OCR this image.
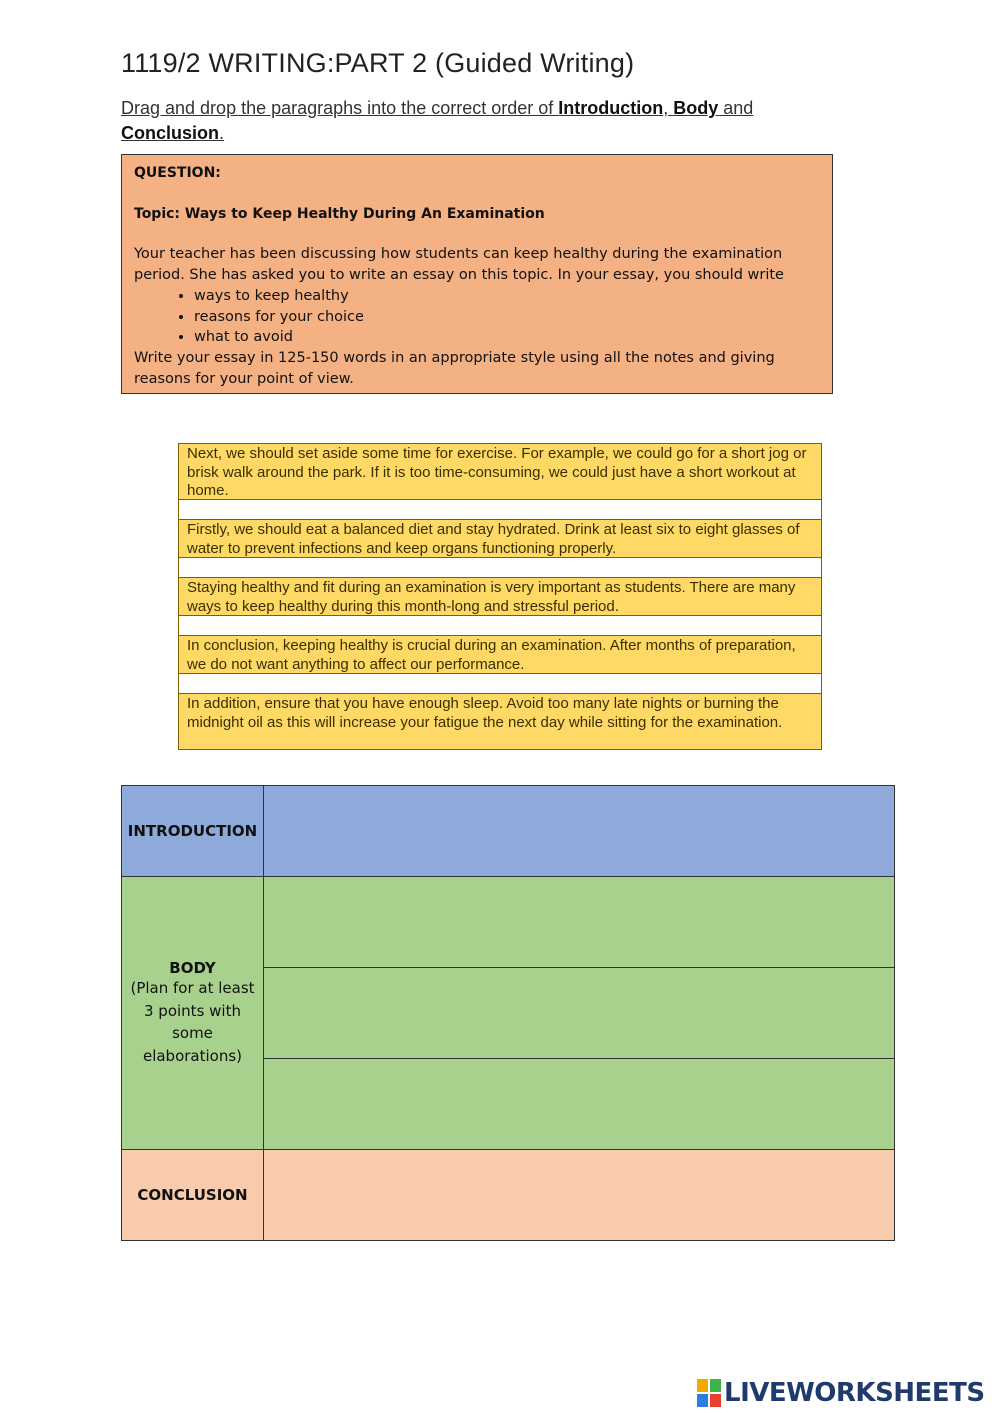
1119/2 WRITING:PART 2 (Guided Writing)
Drag and drop the paragraphs into the correct order of Introduction, Body and Conclusion.
QUESTION:
Topic: Ways to Keep Healthy During An Examination
Your teacher has been discussing how students can keep healthy during the examination period. She has asked you to write an essay on this topic. In your essay, you should write
• ways to keep healthy
• reasons for your choice
• what to avoid
Write your essay in 125-150 words in an appropriate style using all the notes and giving reasons for your point of view.
Next, we should set aside some time for exercise. For example, we could go for a short jog or brisk walk around the park. If it is too time-consuming, we could just have a short workout at home.
Firstly, we should eat a balanced diet and stay hydrated. Drink at least six to eight glasses of water to prevent infections and keep organs functioning properly.
Staying healthy and fit during an examination is very important as students. There are many ways to keep healthy during this month-long and stressful period.
In conclusion, keeping healthy is crucial during an examination. After months of preparation, we do not want anything to affect our performance.
In addition, ensure that you have enough sleep. Avoid too many late nights or burning the midnight oil as this will increase your fatigue the next day while sitting for the examination.
INTRODUCTION	

BODY
(Plan for at least 3 points with some elaborations)	

CONCLUSION	
LIVEWORKSHEETS
